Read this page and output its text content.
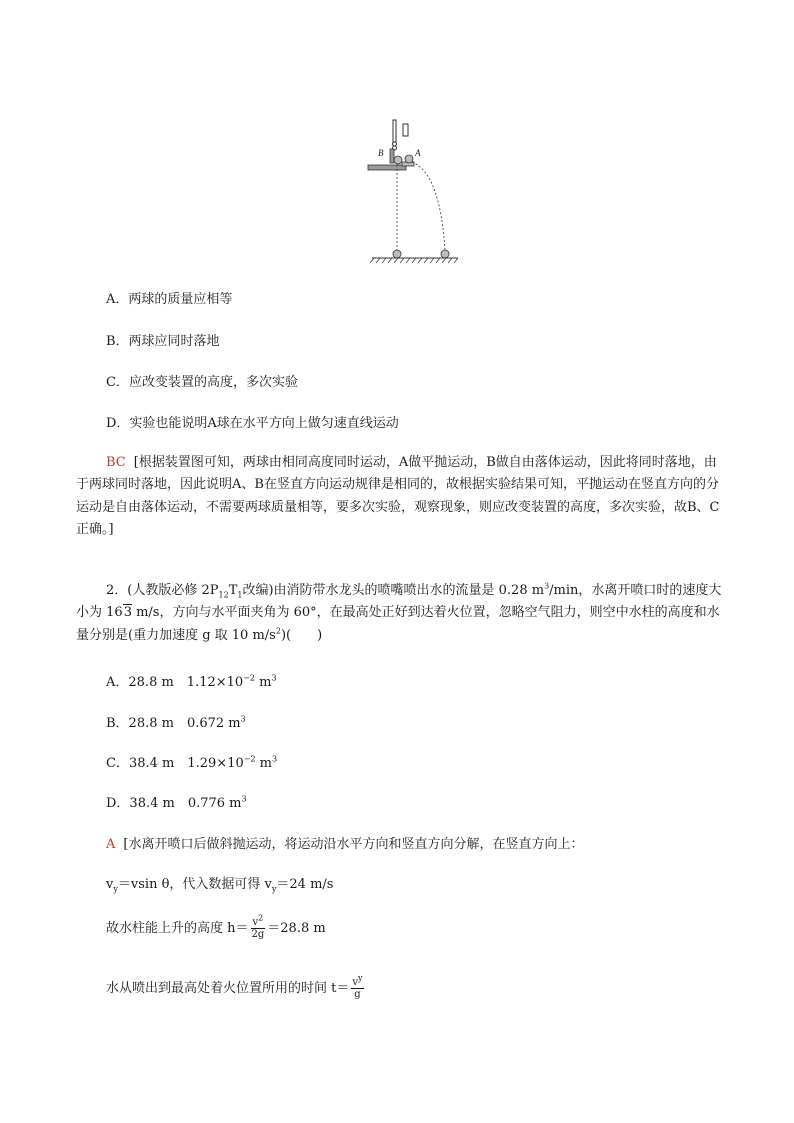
B	A
A．两球的质量应相等
B．两球应同时落地
C．应改变装置的高度，多次实验
D．实验也能说明A球在水平方向上做匀速直线运动
BC [根据装置图可知，两球由相同高度同时运动，A做平抛运动，B做自由落体运动，因此将同时落地，由于两球同时落地，因此说明A、B在竖直方向运动规律是相同的，故根据实验结果可知，平抛运动在竖直方向的分运动是自由落体运动，不需要两球质量相等，要多次实验，观察现象，则应改变装置的高度，多次实验，故B、C正确。]
2．(人教版必修 $2P_{12}T_1$改编)由消防带水龙头的喷嘴喷出水的流量是 0.28 $m^3/\min$，水离开喷口时的速度大小为 163 m/s，方向与水平面夹角为 60°，在最高处正好到达着火位置，忽略空气阻力，则空中水柱的高度和水量分别是(重力加速度 g 取 10 $m/s^2$)(　　)
A．28.8 m　$1.12\times 10^{-2}$ $m^3$
B．28.8 m　0.672 $m^3$
C．38.4 m　$1.29\times 10^{-2}$ $m^3$
D．38.4 m　0.776 $m^3$
A [水离开喷口后做斜抛运动，将运动沿水平方向和竖直方向分解，在竖直方向上：
$v_y=vsin$ θ，代入数据可得 $v_y=24$ m/s
故水柱能上升的高度 $h= \frac{v^2}{2g} =28.8$ m
水从喷出到最高处着火位置所用的时间 $t= \frac{v^y}{g}$
